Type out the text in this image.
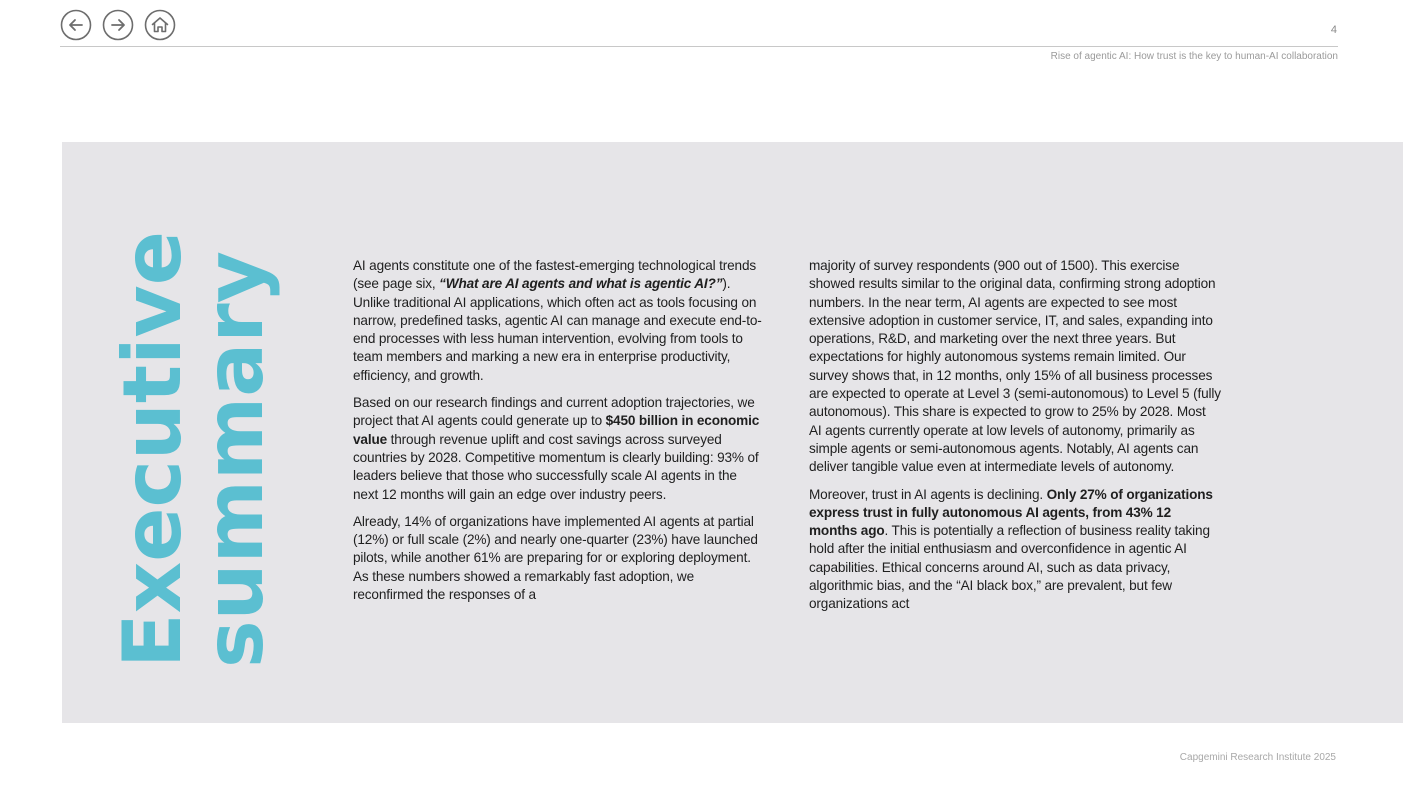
4
Rise of agentic AI: How trust is the key to human-AI collaboration
Executive
summary	AI agents constitute one of the fastest-emerging technological trends (see page six, “What are AI agents and what is agentic AI?”). Unlike traditional AI applications, which often act as tools focusing on narrow, predefined tasks, agentic AI can manage and execute end-to-end processes with less human intervention, evolving from tools to team members and marking a new era in enterprise productivity, efficiency, and growth.

Based on our research findings and current adoption trajectories, we project that AI agents could generate up to $450 billion in economic value through revenue uplift and cost savings across surveyed countries by 2028. Competitive momentum is clearly building: 93% of leaders believe that those who successfully scale AI agents in the next 12 months will gain an edge over industry peers.

Already, 14% of organizations have implemented AI agents at partial (12%) or full scale (2%) and nearly one-quarter (23%) have launched pilots, while another 61% are preparing for or exploring deployment. As these numbers showed a remarkably fast adoption, we reconfirmed the responses of a

majority of survey respondents (900 out of 1500). This exercise showed results similar to the original data, confirming strong adoption numbers. In the near term, AI agents are expected to see most extensive adoption in customer service, IT, and sales, expanding into operations, R&D, and marketing over the next three years. But expectations for highly autonomous systems remain limited. Our survey shows that, in 12 months, only 15% of all business processes are expected to operate at Level 3 (semi-autonomous) to Level 5 (fully autonomous). This share is expected to grow to 25% by 2028. Most AI agents currently operate at low levels of autonomy, primarily as simple agents or semi-autonomous agents. Notably, AI agents can deliver tangible value even at intermediate levels of autonomy.

Moreover, trust in AI agents is declining. Only 27% of organizations express trust in fully autonomous AI agents, from 43% 12 months ago. This is potentially a reflection of business reality taking hold after the initial enthusiasm and overconfidence in agentic AI capabilities. Ethical concerns around AI, such as data privacy, algorithmic bias, and the “AI black box,” are prevalent, but few organizations act

Capgemini Research Institute 2025
